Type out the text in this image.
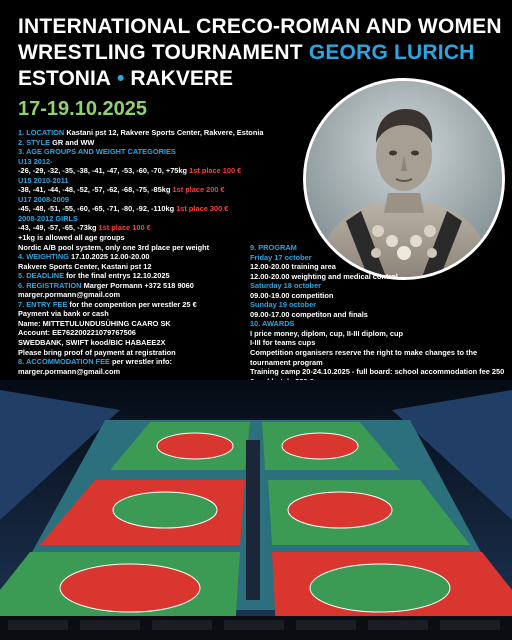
INTERNATIONAL CRECO-ROMAN AND WOMEN
WRESTLING TOURNAMENT GEORG LURICH
ESTONIA • RAKVERE
17-19.10.2025
1. LOCATION Kastani pst 12, Rakvere Sports Center, Rakvere, Estonia
2. STYLE GR and WW
3. AGE GROUPS AND WEIGHT CATEGORIES
U13 2012-
-26, -29, -32, -35, -38, -41, -47, -53, -60, -70, +75kg 1st place 100 €
U15 2010-2011
-38, -41, -44, -48, -52, -57, -62, -68, -75, -85kg 1st place 200 €
U17 2008-2009
-45, -48, -51, -55, -60, -65, -71, -80, -92, -110kg 1st place 300 €
2008-2012 GIRLS
-43, -49, -57, -65, -73kg 1st place 100 €
+1kg is allowed all age groups
Nordic A/B pool system, only one 3rd place per weight
4. WEIGHTING 17.10.2025 12.00-20.00
Rakvere Sports Center, Kastani pst 12
5. DEADLINE for the final entrys 12.10.2025
6. REGISTRATION Marger Pormann +372 518 9060
marger.pormann@gmail.com
7. ENTRY FEE for the compention per wrestler 25 €
Payment via bank or cash
Name: MITTETULUNDUSÜHING CAARO SK
Account: EE762200221079767506
SWEDBANK, SWIFT kood/BIC HABAEE2X
Please bring proof of payment at registration
8. ACCOMMODATION FEE per wrestler info:
marger.pormann@gmail.com
9. PROGRAM
Friday 17 october
12.00-20.00 training area
12.00-20.00 weighting and medical control
Saturday 18 october
09.00-19.00 competition
Sunday 19 october
09.00-17.00 competiton and finals
10. AWARDS
I price money, diplom, cup, II-III diplom, cup
I-III for teams cups
Competition organisers reserve the right to make changes to the tournament program
Training camp 20-24.10.2025 - full board: school accommodation fee 250
